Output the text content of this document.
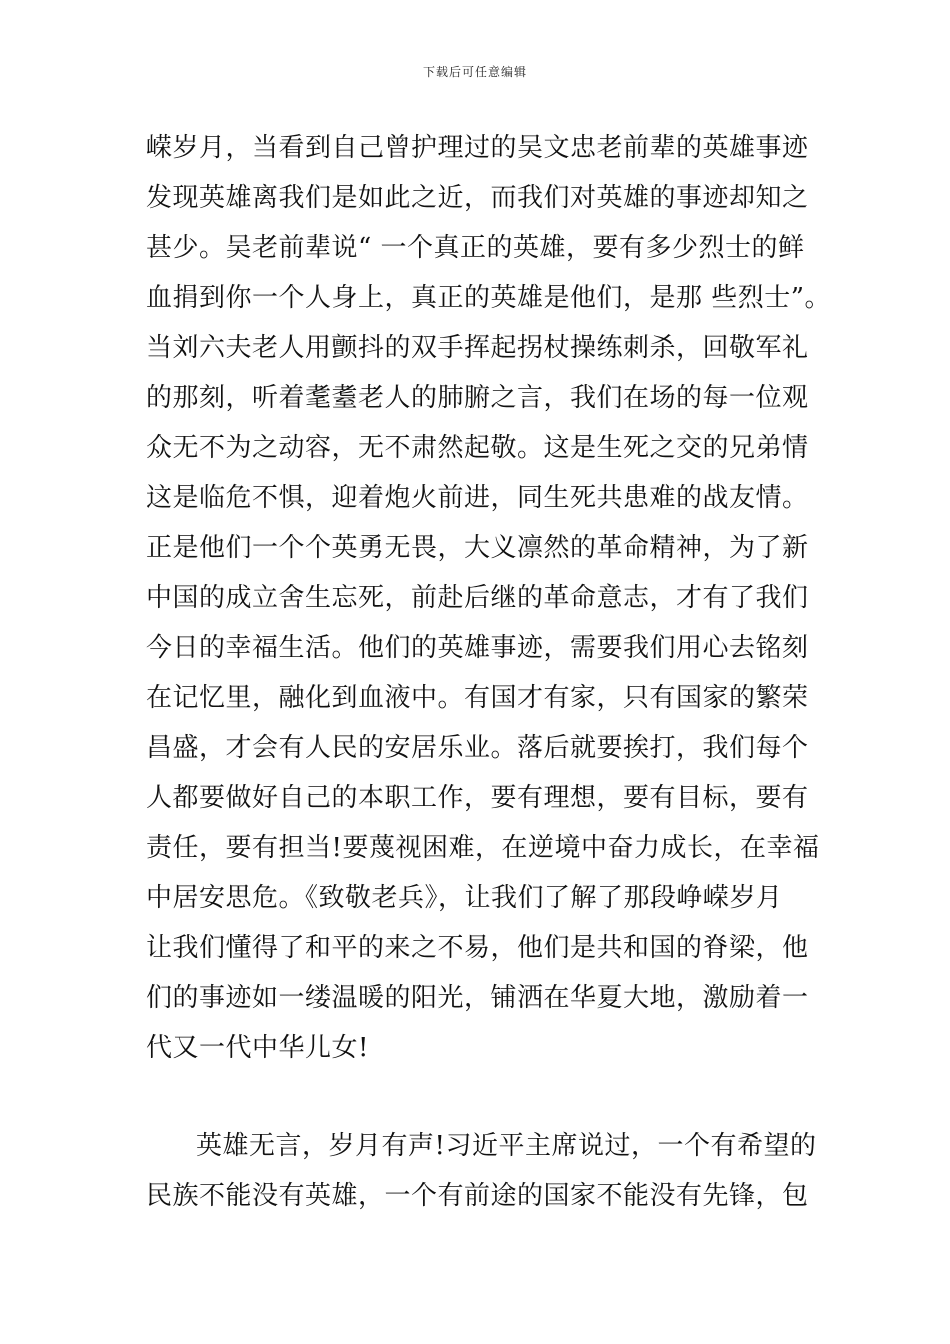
下载后可任意编辑
嵘岁月，当看到自己曾护理过的吴文忠老前辈的英雄事迹
发现英雄离我们是如此之近，而我们对英雄的事迹却知之
甚少。吴老前辈说“ 一个真正的英雄，要有多少烈士的鲜
血捐到你一个人身上，真正的英雄是他们，是那 些烈士”。
当刘六夫老人用颤抖的双手挥起拐杖操练刺杀，回敬军礼
的那刻，听着耄耋老人的肺腑之言，我们在场的每一位观
众无不为之动容，无不肃然起敬。这是生死之交的兄弟情
这是临危不惧，迎着炮火前进，同生死共患难的战友情。
正是他们一个个英勇无畏，大义凛然的革命精神，为了新
中国的成立舍生忘死，前赴后继的革命意志，才有了我们
今日的幸福生活。他们的英雄事迹，需要我们用心去铭刻
在记忆里，融化到血液中。有国才有家，只有国家的繁荣
昌盛，才会有人民的安居乐业。落后就要挨打，我们每个
人都要做好自己的本职工作，要有理想，要有目标，要有
责任，要有担当!要蔑视困难，在逆境中奋力成长，在幸福
中居安思危。《致敬老兵》，让我们了解了那段峥嵘岁月
让我们懂得了和平的来之不易，他们是共和国的脊梁，他
们的事迹如一缕温暖的阳光，铺洒在华夏大地，激励着一
代又一代中华儿女!
英雄无言，岁月有声!习近平主席说过，一个有希望的
民族不能没有英雄，一个有前途的国家不能没有先锋，包
